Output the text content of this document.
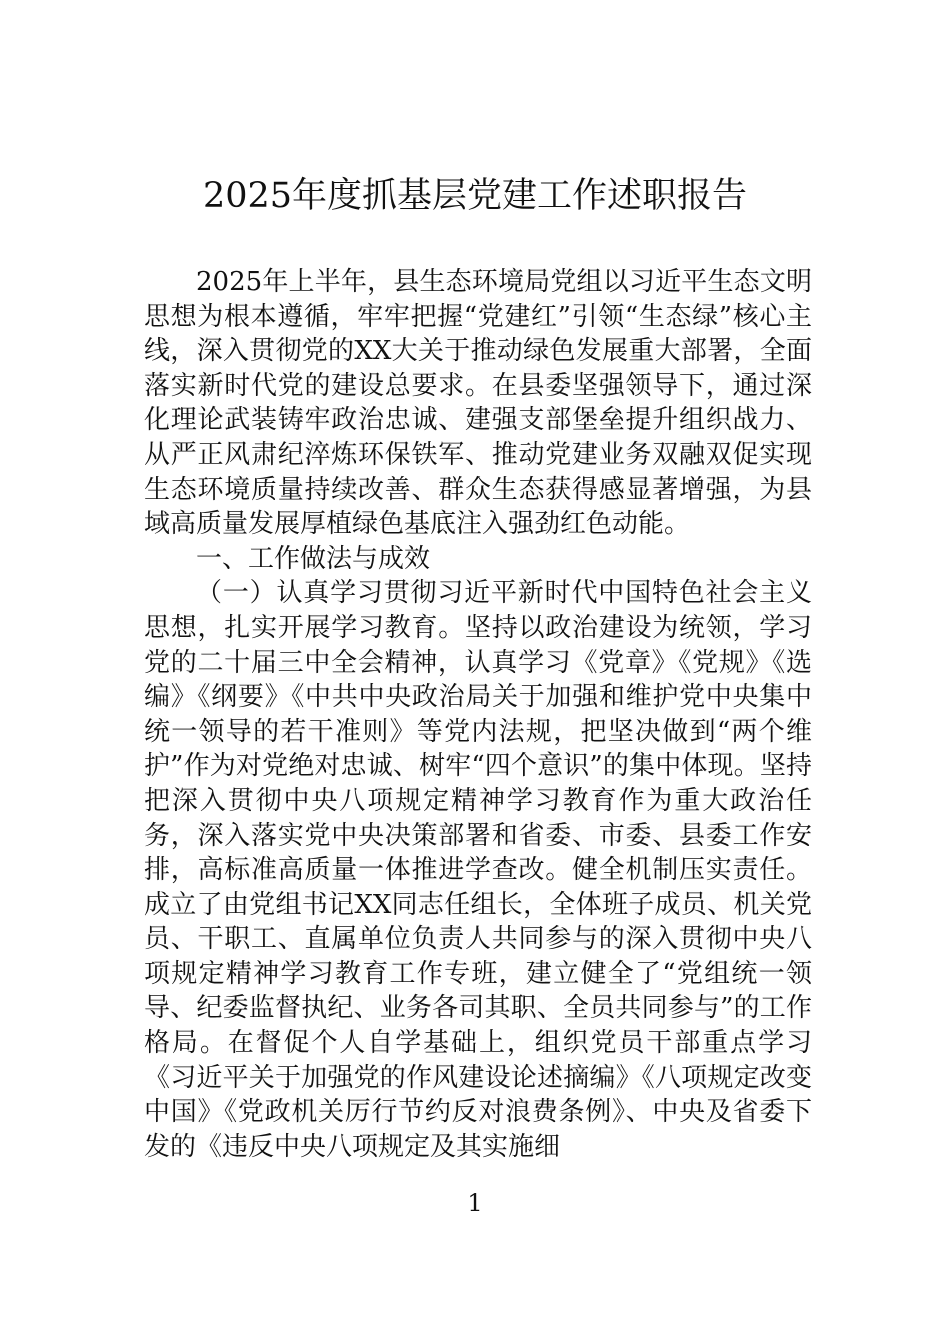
2025年度抓基层党建工作述职报告

2025年上半年，县生态环境局党组以习近平生态文明思想为根本遵循，牢牢把握“党建红”引领“生态绿”核心主线，深入贯彻党的XX大关于推动绿色发展重大部署，全面落实新时代党的建设总要求。在县委坚强领导下，通过深化理论武装铸牢政治忠诚、建强支部堡垒提升组织战力、从严正风肃纪淬炼环保铁军、推动党建业务双融双促实现生态环境质量持续改善、群众生态获得感显著增强，为县域高质量发展厚植绿色基底注入强劲红色动能。

一、工作做法与成效

（一）认真学习贯彻习近平新时代中国特色社会主义思想，扎实开展学习教育。坚持以政治建设为统领，学习党的二十届三中全会精神，认真学习《党章》《党规》《选编》《纲要》《中共中央政治局关于加强和维护党中央集中统一领导的若干准则》等党内法规，把坚决做到“两个维护”作为对党绝对忠诚、树牢“四个意识”的集中体现。坚持把深入贯彻中央八项规定精神学习教育作为重大政治任务，深入落实党中央决策部署和省委、市委、县委工作安排，高标准高质量一体推进学查改。健全机制压实责任。成立了由党组书记XX同志任组长，全体班子成员、机关党员、干职工、直属单位负责人共同参与的深入贯彻中央八项规定精神学习教育工作专班，建立健全了“党组统一领导、纪委监督执纪、业务各司其职、全员共同参与”的工作格局。在督促个人自学基础上，组织党员干部重点学习《习近平关于加强党的作风建设论述摘编》《八项规定改变中国》《党政机关厉行节约反对浪费条例》、中央及省委下发的《违反中央八项规定及其实施细

1
